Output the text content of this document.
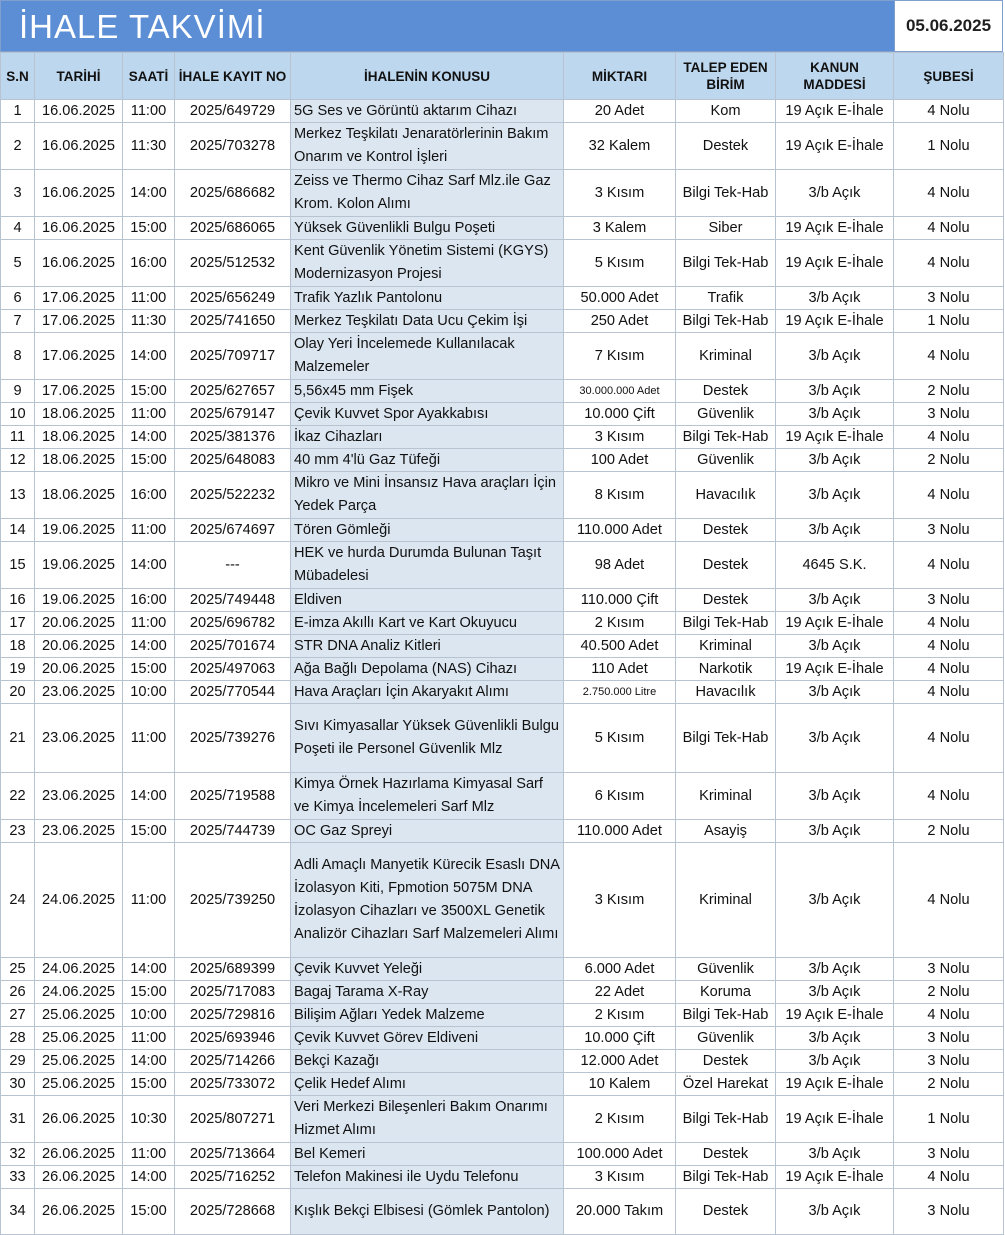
İHALE TAKVİMİ	05.06.2025
S.N	TARİHİ	SAATİ	İHALE KAYIT NO	İHALENİN KONUSU	MİKTARI	TALEP EDEN BİRİM	KANUN MADDESİ	ŞUBESİ
1	16.06.2025	11:00	2025/649729	5G Ses ve Görüntü aktarım Cihazı	20 Adet	Kom	19 Açık E-İhale	4 Nolu
2	16.06.2025	11:30	2025/703278	Merkez Teşkilatı Jenaratörlerinin Bakım Onarım ve Kontrol İşleri	32 Kalem	Destek	19 Açık E-İhale	1 Nolu
3	16.06.2025	14:00	2025/686682	Zeiss ve Thermo Cihaz Sarf Mlz.ile Gaz Krom. Kolon Alımı	3 Kısım	Bilgi Tek-Hab	3/b Açık	4 Nolu
4	16.06.2025	15:00	2025/686065	Yüksek Güvenlikli Bulgu Poşeti	3 Kalem	Siber	19 Açık E-İhale	4 Nolu
5	16.06.2025	16:00	2025/512532	Kent Güvenlik Yönetim Sistemi (KGYS) Modernizasyon Projesi	5 Kısım	Bilgi Tek-Hab	19 Açık E-İhale	4 Nolu
6	17.06.2025	11:00	2025/656249	Trafik Yazlık Pantolonu	50.000 Adet	Trafik	3/b Açık	3 Nolu
7	17.06.2025	11:30	2025/741650	Merkez Teşkilatı Data Ucu Çekim İşi	250 Adet	Bilgi Tek-Hab	19 Açık E-İhale	1 Nolu
8	17.06.2025	14:00	2025/709717	Olay Yeri İncelemede Kullanılacak Malzemeler	7 Kısım	Kriminal	3/b Açık	4 Nolu
9	17.06.2025	15:00	2025/627657	5,56x45 mm Fişek	30.000.000 Adet	Destek	3/b Açık	2 Nolu
10	18.06.2025	11:00	2025/679147	Çevik Kuvvet Spor Ayakkabısı	10.000 Çift	Güvenlik	3/b Açık	3 Nolu
11	18.06.2025	14:00	2025/381376	İkaz Cihazları	3 Kısım	Bilgi Tek-Hab	19 Açık E-İhale	4 Nolu
12	18.06.2025	15:00	2025/648083	40 mm 4'lü Gaz Tüfeği	100 Adet	Güvenlik	3/b Açık	2 Nolu
13	18.06.2025	16:00	2025/522232	Mikro ve Mini İnsansız Hava araçları İçin Yedek Parça	8 Kısım	Havacılık	3/b Açık	4 Nolu
14	19.06.2025	11:00	2025/674697	Tören Gömleği	110.000 Adet	Destek	3/b Açık	3 Nolu
15	19.06.2025	14:00	---	HEK ve hurda Durumda Bulunan Taşıt Mübadelesi	98 Adet	Destek	4645 S.K.	4 Nolu
16	19.06.2025	16:00	2025/749448	Eldiven	110.000 Çift	Destek	3/b Açık	3 Nolu
17	20.06.2025	11:00	2025/696782	E-imza Akıllı Kart ve Kart Okuyucu	2 Kısım	Bilgi Tek-Hab	19 Açık E-İhale	4 Nolu
18	20.06.2025	14:00	2025/701674	STR DNA Analiz Kitleri	40.500 Adet	Kriminal	3/b Açık	4 Nolu
19	20.06.2025	15:00	2025/497063	Ağa Bağlı Depolama (NAS) Cihazı	110 Adet	Narkotik	19 Açık E-İhale	4 Nolu
20	23.06.2025	10:00	2025/770544	Hava Araçları İçin Akaryakıt Alımı	2.750.000 Litre	Havacılık	3/b Açık	4 Nolu
21	23.06.2025	11:00	2025/739276	Sıvı Kimyasallar Yüksek Güvenlikli Bulgu Poşeti ile Personel Güvenlik Mlz	5 Kısım	Bilgi Tek-Hab	3/b Açık	4 Nolu
22	23.06.2025	14:00	2025/719588	Kimya Örnek Hazırlama Kimyasal Sarf ve Kimya İncelemeleri Sarf Mlz	6 Kısım	Kriminal	3/b Açık	4 Nolu
23	23.06.2025	15:00	2025/744739	OC Gaz Spreyi	110.000 Adet	Asayiş	3/b Açık	2 Nolu
24	24.06.2025	11:00	2025/739250	Adli Amaçlı Manyetik Kürecik Esaslı DNA İzolasyon Kiti, Fpmotion 5075M DNA İzolasyon Cihazları ve 3500XL Genetik Analizör Cihazları Sarf Malzemeleri Alımı	3 Kısım	Kriminal	3/b Açık	4 Nolu
25	24.06.2025	14:00	2025/689399	Çevik Kuvvet Yeleği	6.000 Adet	Güvenlik	3/b Açık	3 Nolu
26	24.06.2025	15:00	2025/717083	Bagaj Tarama X-Ray	22 Adet	Koruma	3/b Açık	2 Nolu
27	25.06.2025	10:00	2025/729816	Bilişim Ağları Yedek Malzeme	2 Kısım	Bilgi Tek-Hab	19 Açık E-İhale	4 Nolu
28	25.06.2025	11:00	2025/693946	Çevik Kuvvet Görev Eldiveni	10.000 Çift	Güvenlik	3/b Açık	3 Nolu
29	25.06.2025	14:00	2025/714266	Bekçi Kazağı	12.000 Adet	Destek	3/b Açık	3 Nolu
30	25.06.2025	15:00	2025/733072	Çelik Hedef Alımı	10 Kalem	Özel Harekat	19 Açık E-İhale	2 Nolu
31	26.06.2025	10:30	2025/807271	Veri Merkezi Bileşenleri Bakım Onarımı Hizmet Alımı	2 Kısım	Bilgi Tek-Hab	19 Açık E-İhale	1 Nolu
32	26.06.2025	11:00	2025/713664	Bel Kemeri	100.000 Adet	Destek	3/b Açık	3 Nolu
33	26.06.2025	14:00	2025/716252	Telefon Makinesi ile Uydu Telefonu	3 Kısım	Bilgi Tek-Hab	19 Açık E-İhale	4 Nolu
34	26.06.2025	15:00	2025/728668	Kışlık Bekçi Elbisesi (Gömlek Pantolon)	20.000 Takım	Destek	3/b Açık	3 Nolu
